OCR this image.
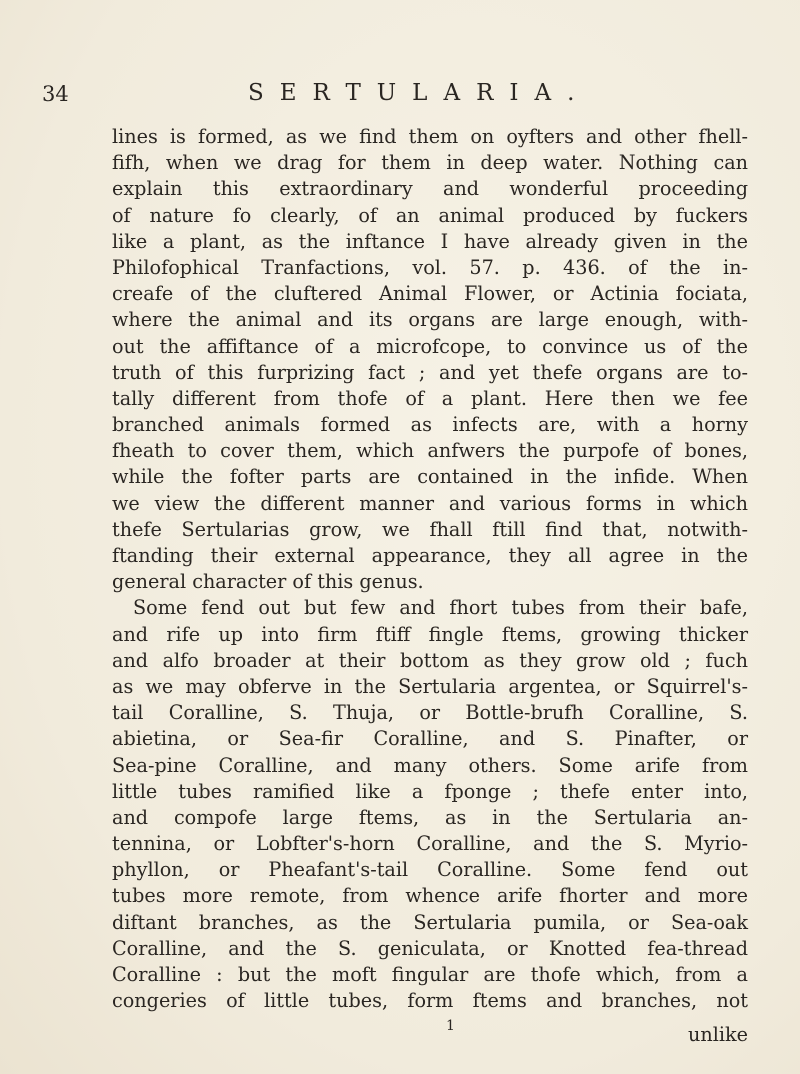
34	SERTULARIA.
lines is formed, as we find them on oyfters and other fhell-
fifh, when we drag for them in deep water. Nothing can
explain this extraordinary and wonderful proceeding
of nature fo clearly, of an animal produced by fuckers
like a plant, as the inftance I have already given in the
Philofophical Tranfactions, vol. 57. p. 436. of the in-
creafe of the cluftered Animal Flower, or Actinia fociata,
where the animal and its organs are large enough, with-
out the affiftance of a microfcope, to convince us of the
truth of this furprizing fact ; and yet thefe organs are to-
tally different from thofe of a plant. Here then we fee
branched animals formed as infects are, with a horny
fheath to cover them, which anfwers the purpofe of bones,
while the fofter parts are contained in the infide. When
we view the different manner and various forms in which
thefe Sertularias grow, we fhall ftill find that, notwith-
ftanding their external appearance, they all agree in the
general character of this genus.
Some fend out but few and fhort tubes from their bafe,
and rife up into firm ftiff fingle ftems, growing thicker
and alfo broader at their bottom as they grow old ; fuch
as we may obferve in the Sertularia argentea, or Squirrel's-
tail Coralline, S. Thuja, or Bottle-brufh Coralline, S.
abietina, or Sea-fir Coralline, and S. Pinafter, or
Sea-pine Coralline, and many others. Some arife from
little tubes ramified like a fponge ; thefe enter into,
and compofe large ftems, as in the Sertularia an-
tennina, or Lobfter's-horn Coralline, and the S. Myrio-
phyllon, or Pheafant's-tail Coralline. Some fend out
tubes more remote, from whence arife fhorter and more
diftant branches, as the Sertularia pumila, or Sea-oak
Coralline, and the S. geniculata, or Knotted fea-thread
Coralline : but the moft fingular are thofe which, from a
congeries of little tubes, form ftems and branches, not
1	unlike
